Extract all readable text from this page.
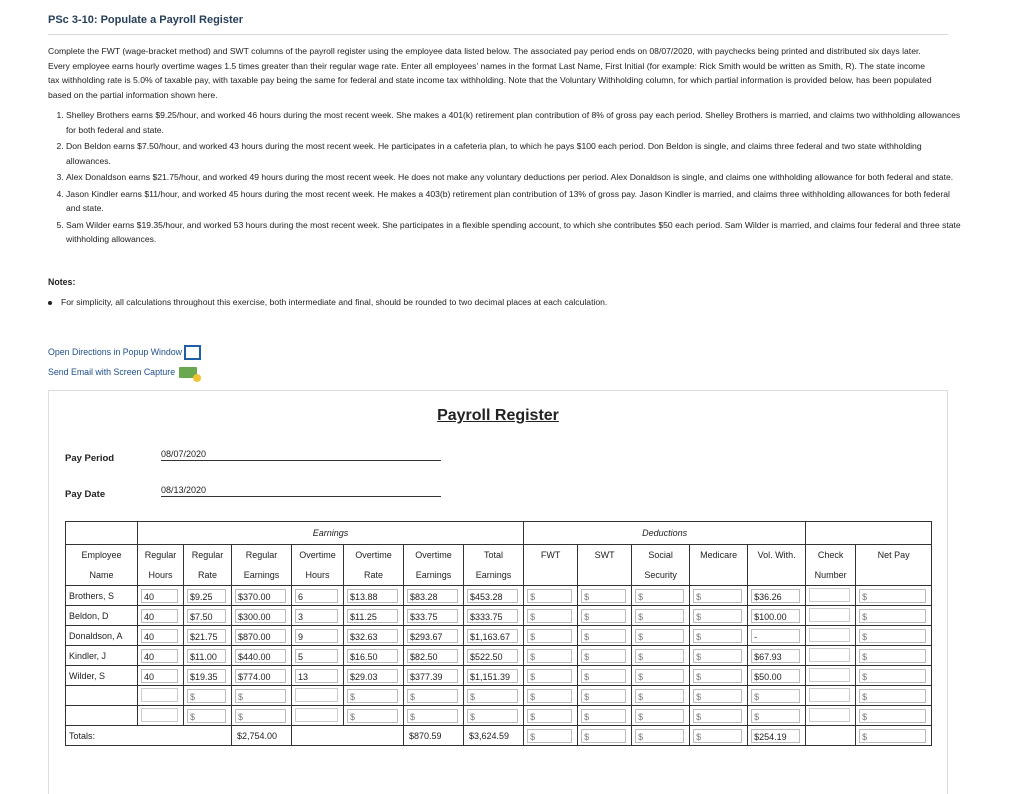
PSc 3-10: Populate a Payroll Register
Complete the FWT (wage-bracket method) and SWT columns of the payroll register using the employee data listed below. The associated pay period ends on 08/07/2020, with paychecks being printed and distributed six days later. Every employee earns hourly overtime wages 1.5 times greater than their regular wage rate. Enter all employees' names in the format Last Name, First Initial (for example: Rick Smith would be written as Smith, R). The state income tax withholding rate is 5.0% of taxable pay, with taxable pay being the same for federal and state income tax withholding. Note that the Voluntary Withholding column, for which partial information is provided below, has been populated based on the partial information shown here.
1. Shelley Brothers earns $9.25/hour, and worked 46 hours during the most recent week. She makes a 401(k) retirement plan contribution of 8% of gross pay each period. Shelley Brothers is married, and claims two withholding allowances for both federal and state.
2. Don Beldon earns $7.50/hour, and worked 43 hours during the most recent week. He participates in a cafeteria plan, to which he pays $100 each period. Don Beldon is single, and claims three federal and two state withholding allowances.
3. Alex Donaldson earns $21.75/hour, and worked 49 hours during the most recent week. He does not make any voluntary deductions per period. Alex Donaldson is single, and claims one withholding allowance for both federal and state.
4. Jason Kindler earns $11/hour, and worked 45 hours during the most recent week. He makes a 403(b) retirement plan contribution of 13% of gross pay. Jason Kindler is married, and claims three withholding allowances for both federal and state.
5. Sam Wilder earns $19.35/hour, and worked 53 hours during the most recent week. She participates in a flexible spending account, to which she contributes $50 each period. Sam Wilder is married, and claims four federal and three state withholding allowances.
Notes:
For simplicity, all calculations throughout this exercise, both intermediate and final, should be rounded to two decimal places at each calculation.
Open Directions in Popup Window
Send Email with Screen Capture
Payroll Register
Pay Period	08/07/2020
Pay Date	08/13/2020
	Earnings							Deductions						
Employee	Regular	Regular	Regular	Overtime	Overtime	Overtime	Total	FWT	SWT	Social	Medicare	Vol. With.	Check	Net Pay
Name	Hours	Rate	Earnings	Hours	Rate	Earnings	Earnings			Security			Number	
Brothers, S	40	$9.25	$370.00	6	$13.88	$83.28	$453.28	$	$	$	$	$36.26		$
Beldon, D	40	$7.50	$300.00	3	$11.25	$33.75	$333.75	$	$	$	$	$100.00		$
Donaldson, A	40	$21.75	$870.00	9	$32.63	$293.67	$1,163.67	$	$	$	$	-		$
Kindler, J	40	$11.00	$440.00	5	$16.50	$82.50	$522.50	$	$	$	$	$67.93		$
Wilder, S	40	$19.35	$774.00	13	$29.03	$377.39	$1,151.39	$	$	$	$	$50.00		$
		$	$		$	$	$	$	$	$	$	$		$
		$	$		$	$	$	$	$	$	$	$		$
Totals:			$2,754.00			$870.59	$3,624.59	$	$	$	$	$254.19		$
